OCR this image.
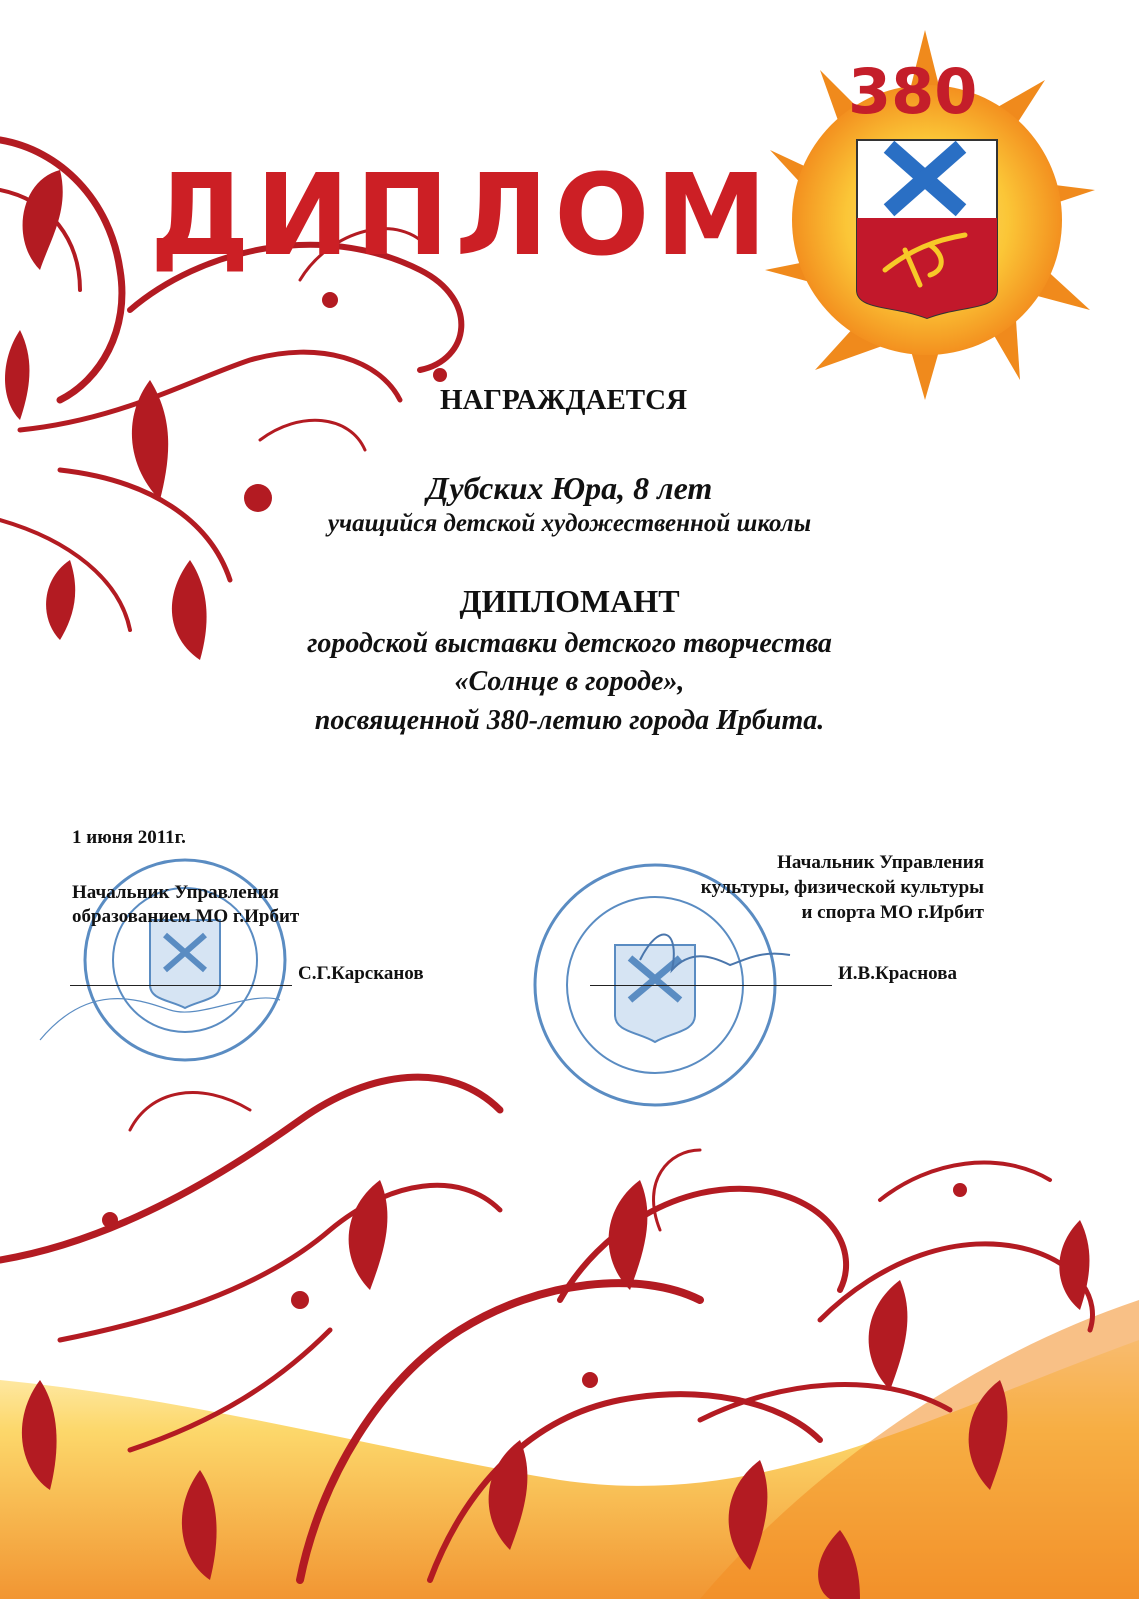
ДИПЛОМ
380
НАГРАЖДАЕТСЯ
Дубских Юра, 8 лет
учащийся детской художественной школы
ДИПЛОМАНТ
городской выставки детского творчества
«Солнце в городе»,
посвященной 380-летию города Ирбита.
1 июня 2011г.
Начальник Управления
образованием МО г.Ирбит
С.Г.Карсканов
Начальник Управления
культуры, физической культуры
и спорта МО г.Ирбит
И.В.Краснова
